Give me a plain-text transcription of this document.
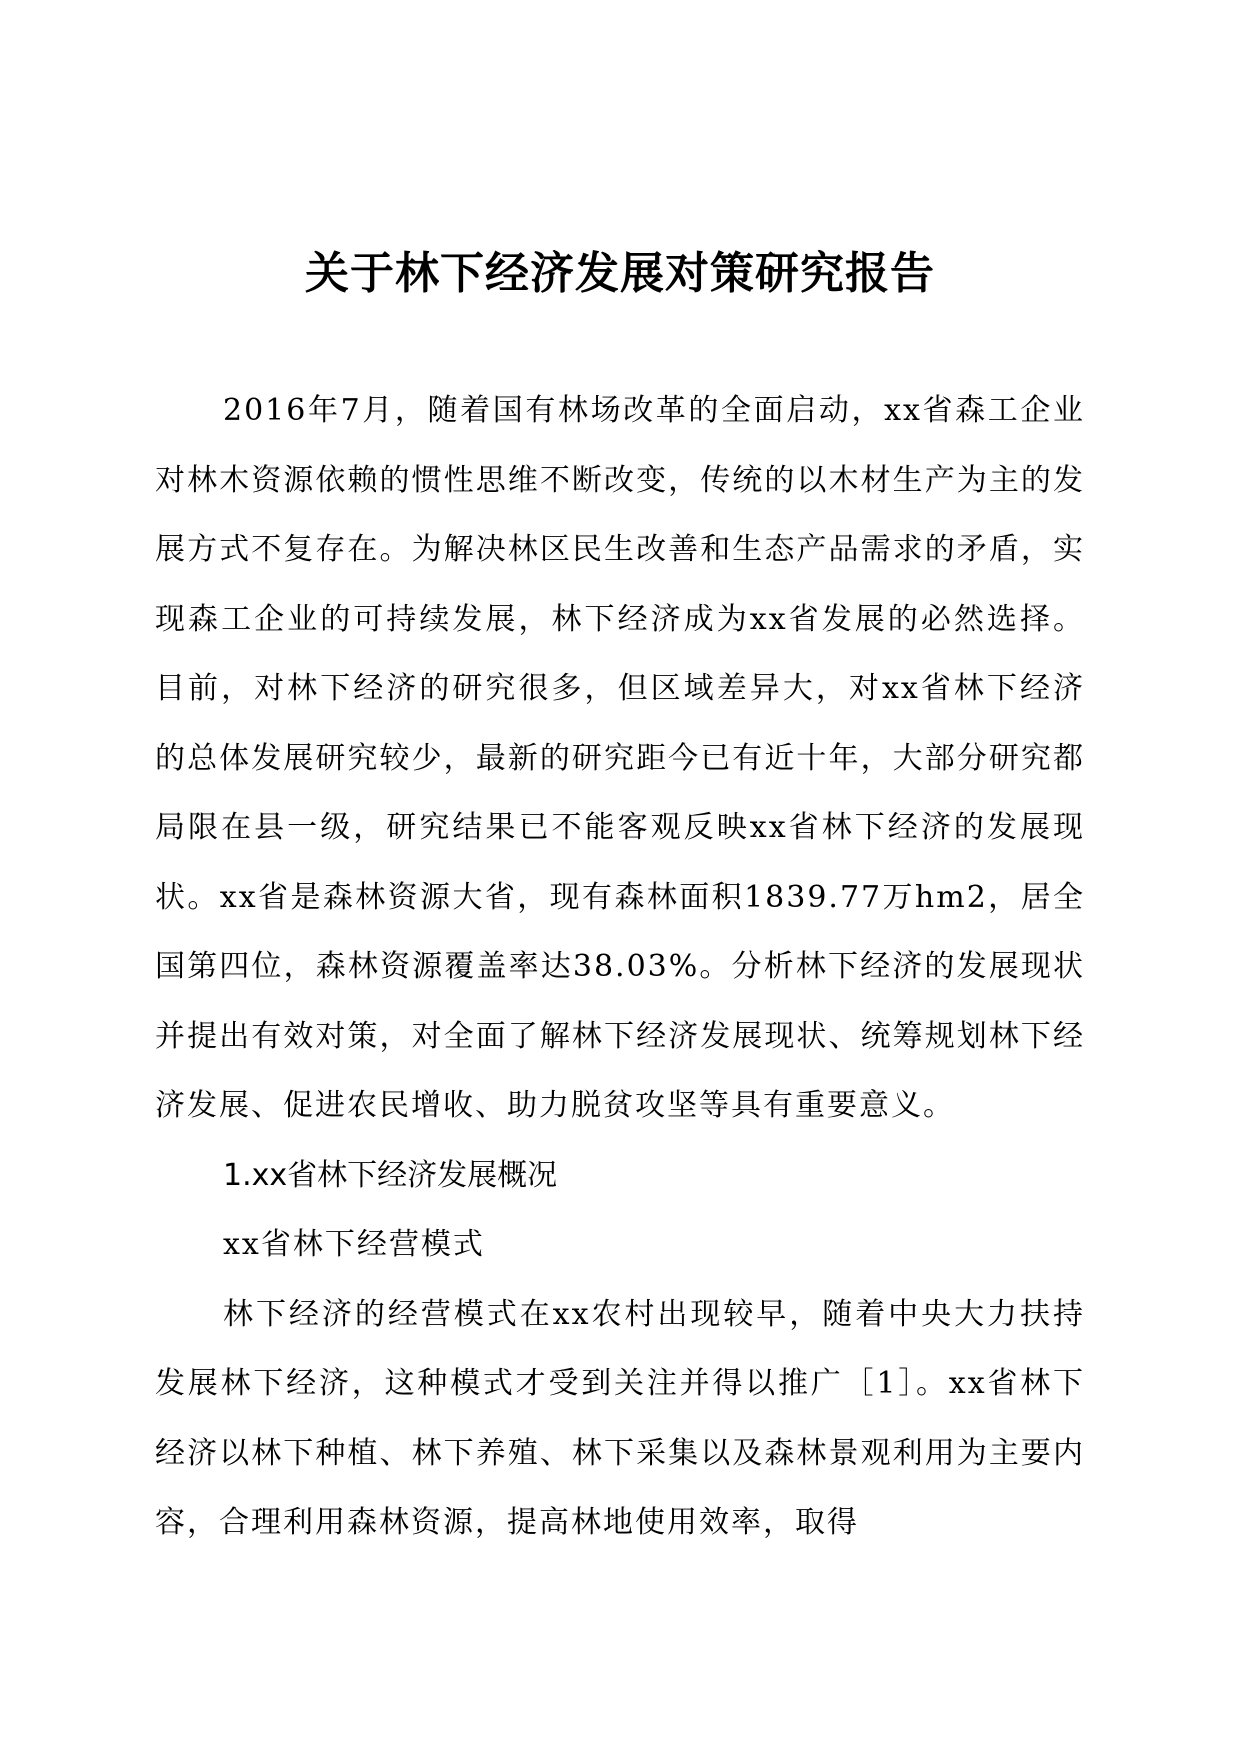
关于林下经济发展对策研究报告

2016年7月，随着国有林场改革的全面启动，xx省森工企业对林木资源依赖的惯性思维不断改变，传统的以木材生产为主的发展方式不复存在。为解决林区民生改善和生态产品需求的矛盾，实现森工企业的可持续发展，林下经济成为xx省发展的必然选择。目前，对林下经济的研究很多，但区域差异大，对xx省林下经济的总体发展研究较少，最新的研究距今已有近十年，大部分研究都局限在县一级，研究结果已不能客观反映xx省林下经济的发展现状。xx省是森林资源大省，现有森林面积1839.77万hm2，居全国第四位，森林资源覆盖率达38.03%。分析林下经济的发展现状并提出有效对策，对全面了解林下经济发展现状、统筹规划林下经济发展、促进农民增收、助力脱贫攻坚等具有重要意义。

1.xx省林下经济发展概况

xx省林下经营模式

林下经济的经营模式在xx农村出现较早，随着中央大力扶持发展林下经济，这种模式才受到关注并得以推广［1］。xx省林下经济以林下种植、林下养殖、林下采集以及森林景观利用为主要内容，合理利用森林资源，提高林地使用效率，取得
